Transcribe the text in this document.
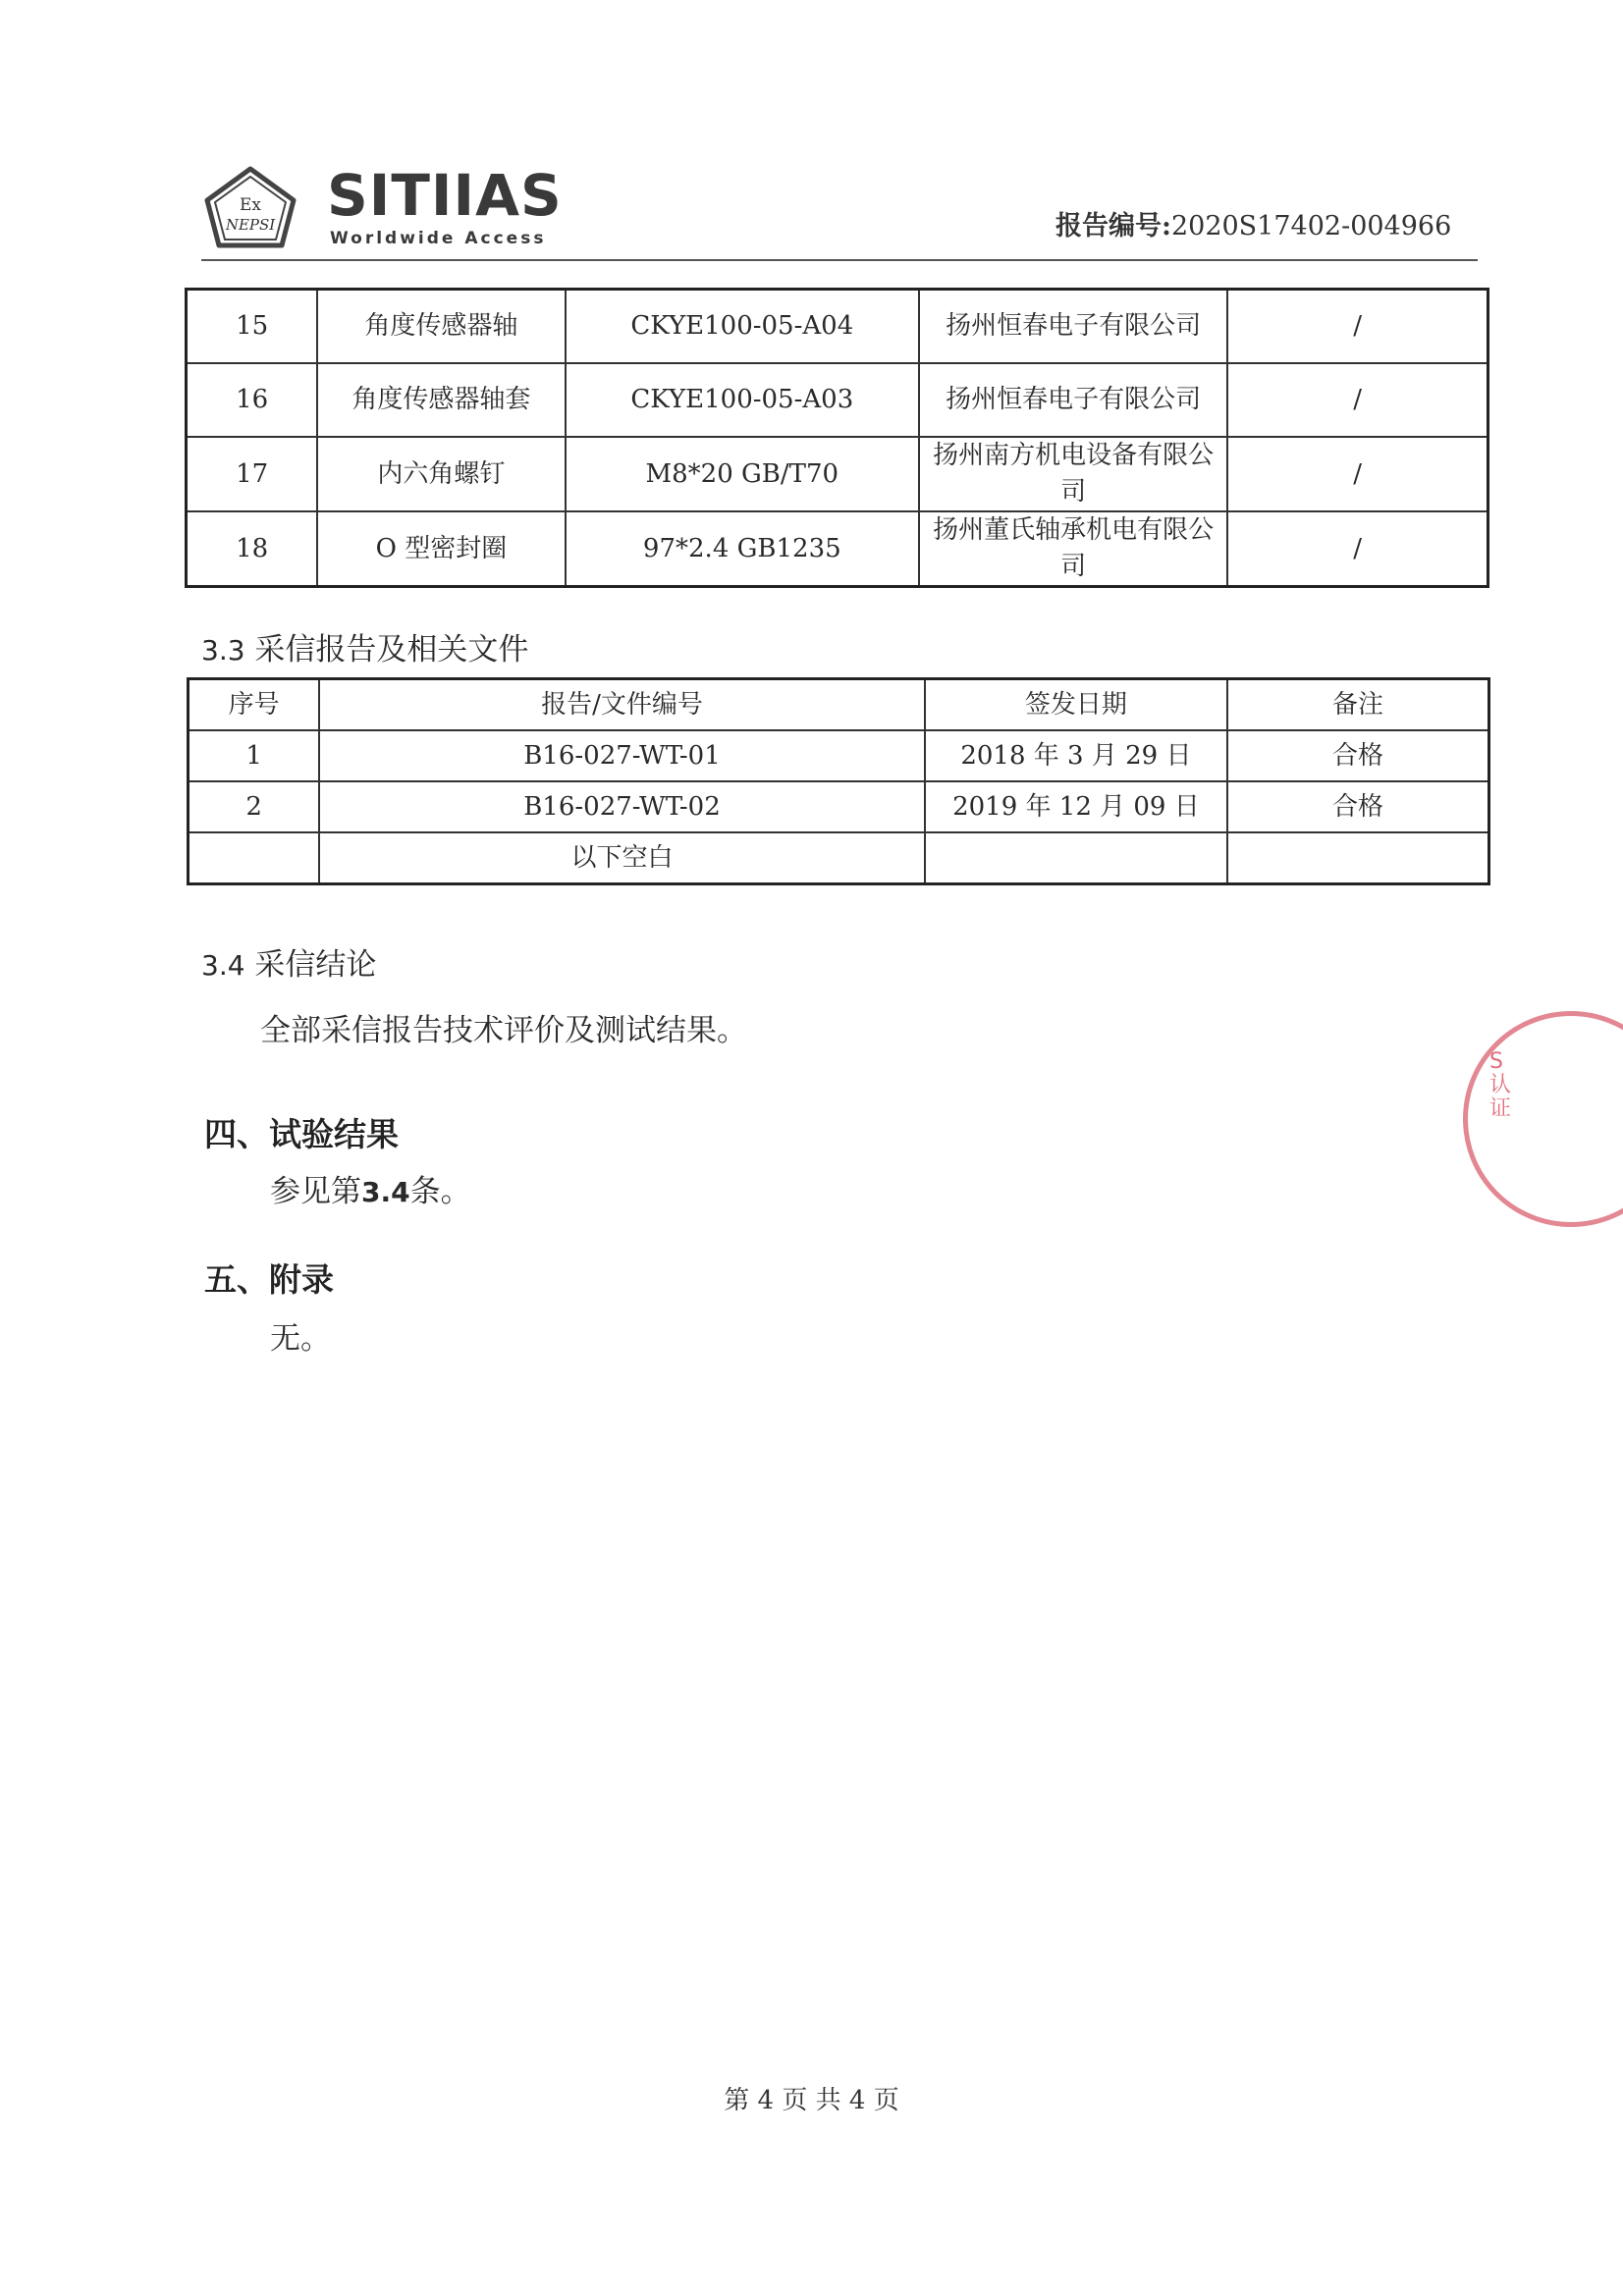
Ex
NEPSI SITIIAS
Worldwide Access	报告编号:2020S17402-004966
15	角度传感器轴	CKYE100-05-A04	扬州恒春电子有限公司	/
16	角度传感器轴套	CKYE100-05-A03	扬州恒春电子有限公司	/
17	内六角螺钉	M8*20 GB/T70	扬州南方机电设备有限公司	/
18	O 型密封圈	97*2.4 GB1235	扬州董氏轴承机电有限公司	/
3.3 采信报告及相关文件
序号	报告/文件编号	签发日期	备注
1	B16-027-WT-01	2018 年 3 月 29 日	合格
2	B16-027-WT-02	2019 年 12 月 09 日	合格
	以下空白		
3.4 采信结论
全部采信报告技术评价及测试结果。
四、试验结果
参见第3.4条。
五、附录
无。
S 认证
第 4 页 共 4 页
